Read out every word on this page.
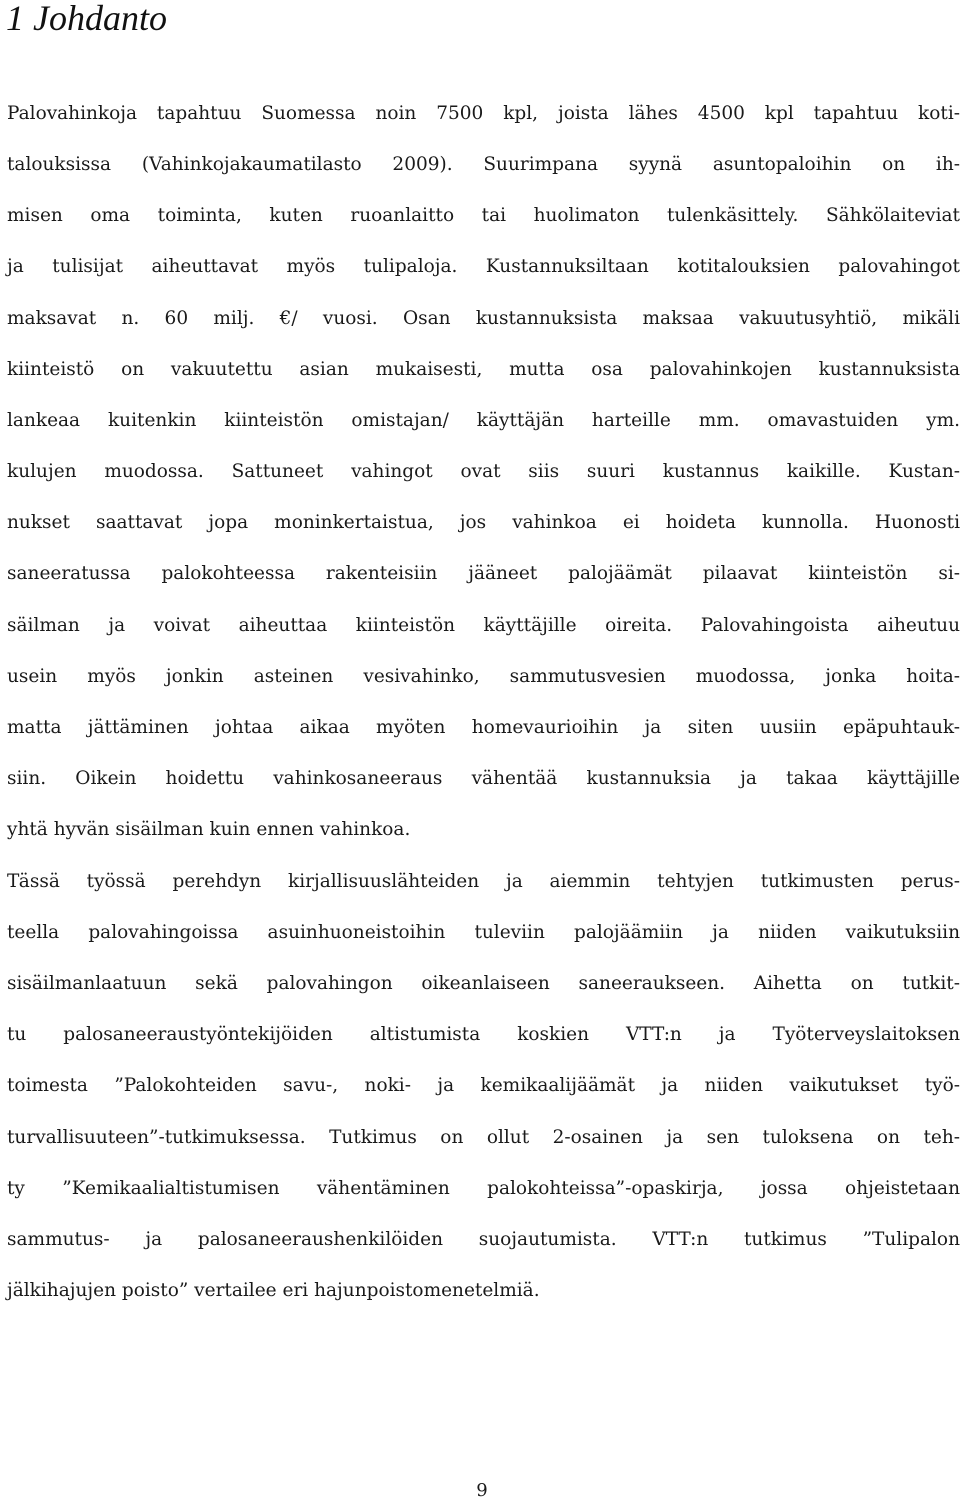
1 Johdanto
Palovahinkoja tapahtuu Suomessa noin 7500 kpl, joista lähes 4500 kpl tapahtuu koti-
talouksissa (Vahinkojakaumatilasto 2009). Suurimpana syynä asuntopaloihin on ih-
misen oma toiminta, kuten ruoanlaitto tai huolimaton tulenkäsittely. Sähkölaiteviat
ja tulisijat aiheuttavat myös tulipaloja. Kustannuksiltaan kotitalouksien palovahingot
maksavat n. 60 milj. €/ vuosi. Osan kustannuksista maksaa vakuutusyhtiö, mikäli
kiinteistö on vakuutettu asian mukaisesti, mutta osa palovahinkojen kustannuksista
lankeaa kuitenkin kiinteistön omistajan/ käyttäjän harteille mm. omavastuiden ym.
kulujen muodossa. Sattuneet vahingot ovat siis suuri kustannus kaikille. Kustan-
nukset saattavat jopa moninkertaistua, jos vahinkoa ei hoideta kunnolla. Huonosti
saneeratussa palokohteessa rakenteisiin jääneet palojäämät pilaavat kiinteistön si-
säilman ja voivat aiheuttaa kiinteistön käyttäjille oireita. Palovahingoista aiheutuu
usein myös jonkin asteinen vesivahinko, sammutusvesien muodossa, jonka hoita-
matta jättäminen johtaa aikaa myöten homevaurioihin ja siten uusiin epäpuhtauk-
siin. Oikein hoidettu vahinkosaneeraus vähentää kustannuksia ja takaa käyttäjille
yhtä hyvän sisäilman kuin ennen vahinkoa.
Tässä työssä perehdyn kirjallisuuslähteiden ja aiemmin tehtyjen tutkimusten perus-
teella palovahingoissa asuinhuoneistoihin tuleviin palojäämiin ja niiden vaikutuksiin
sisäilmanlaatuun sekä palovahingon oikeanlaiseen saneeraukseen. Aihetta on tutkit-
tu palosaneeraustyöntekijöiden altistumista koskien VTT:n ja Työterveyslaitoksen
toimesta ”Palokohteiden savu-, noki- ja kemikaalijäämät ja niiden vaikutukset työ-
turvallisuuteen”-tutkimuksessa. Tutkimus on ollut 2-osainen ja sen tuloksena on teh-
ty ”Kemikaalialtistumisen vähentäminen palokohteissa”-opaskirja, jossa ohjeistetaan
sammutus- ja palosaneeraushenkilöiden suojautumista. VTT:n tutkimus ”Tulipalon
jälkihajujen poisto” vertailee eri hajunpoistomenetelmiä.
9
